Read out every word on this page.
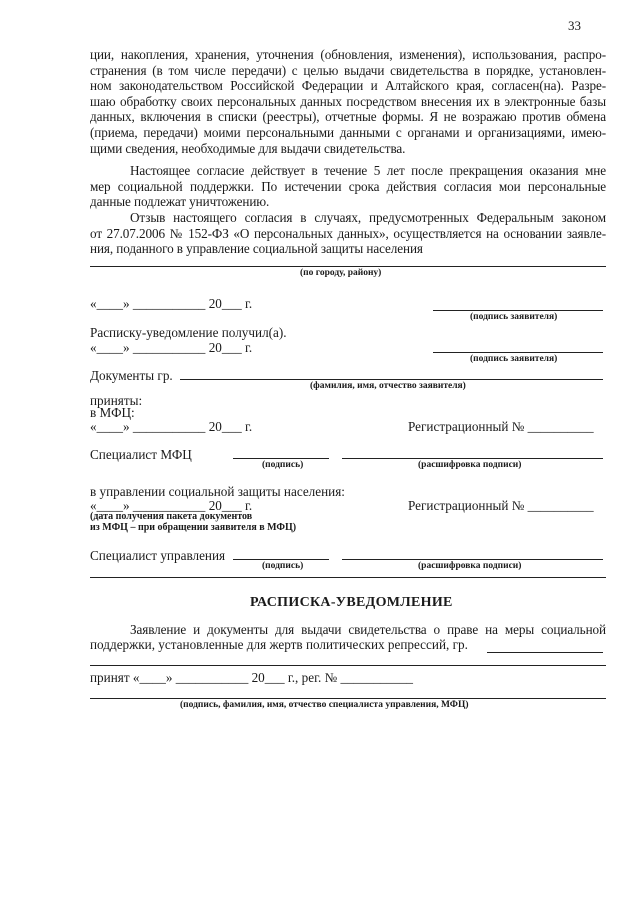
33
ции, накопления, хранения, уточнения (обновления, изменения), использования, распро-
странения (в том числе передачи) с целью выдачи свидетельства в порядке, установлен-
ном законодательством Российской Федерации и Алтайского края, согласен(на). Разре-
шаю обработку своих персональных данных посредством внесения их в электронные базы
данных, включения в списки (реестры), отчетные формы. Я не возражаю против обмена
(приема, передачи) моими персональными данными с органами и организациями, имею-
щими сведения, необходимые для выдачи свидетельства.
Настоящее согласие действует в течение 5 лет после прекращения оказания мне
мер социальной поддержки. По истечении срока действия согласия мои персональные
данные подлежат уничтожению.
Отзыв настоящего согласия в случаях, предусмотренных Федеральным законом
от 27.07.2006 № 152-ФЗ «О персональных данных», осуществляется на основании заявле-
ния, поданного в управление социальной защиты населения
(по городу, району)
«____» ___________ 20___ г.
(подпись заявителя)
Расписку-уведомление получил(а).
«____» ___________ 20___ г.
(подпись заявителя)
Документы гр.
(фамилия, имя, отчество заявителя)
приняты:
в МФЦ:
«____» ___________ 20___ г.	Регистрационный № __________
Специалист МФЦ
(подпись)	(расшифровка подписи)
в управлении социальной защиты населения:
«____» ___________ 20___ г.	Регистрационный № __________
(дата получения пакета документов
из МФЦ – при обращении заявителя в МФЦ)
Специалист управления
(подпись)	(расшифровка подписи)
РАСПИСКА-УВЕДОМЛЕНИЕ
Заявление и документы для выдачи свидетельства о праве на меры социальной
поддержки, установленные для жертв политических репрессий, гр.
принят «____» ___________ 20___ г., рег. № ___________
(подпись, фамилия, имя, отчество специалиста управления, МФЦ)
